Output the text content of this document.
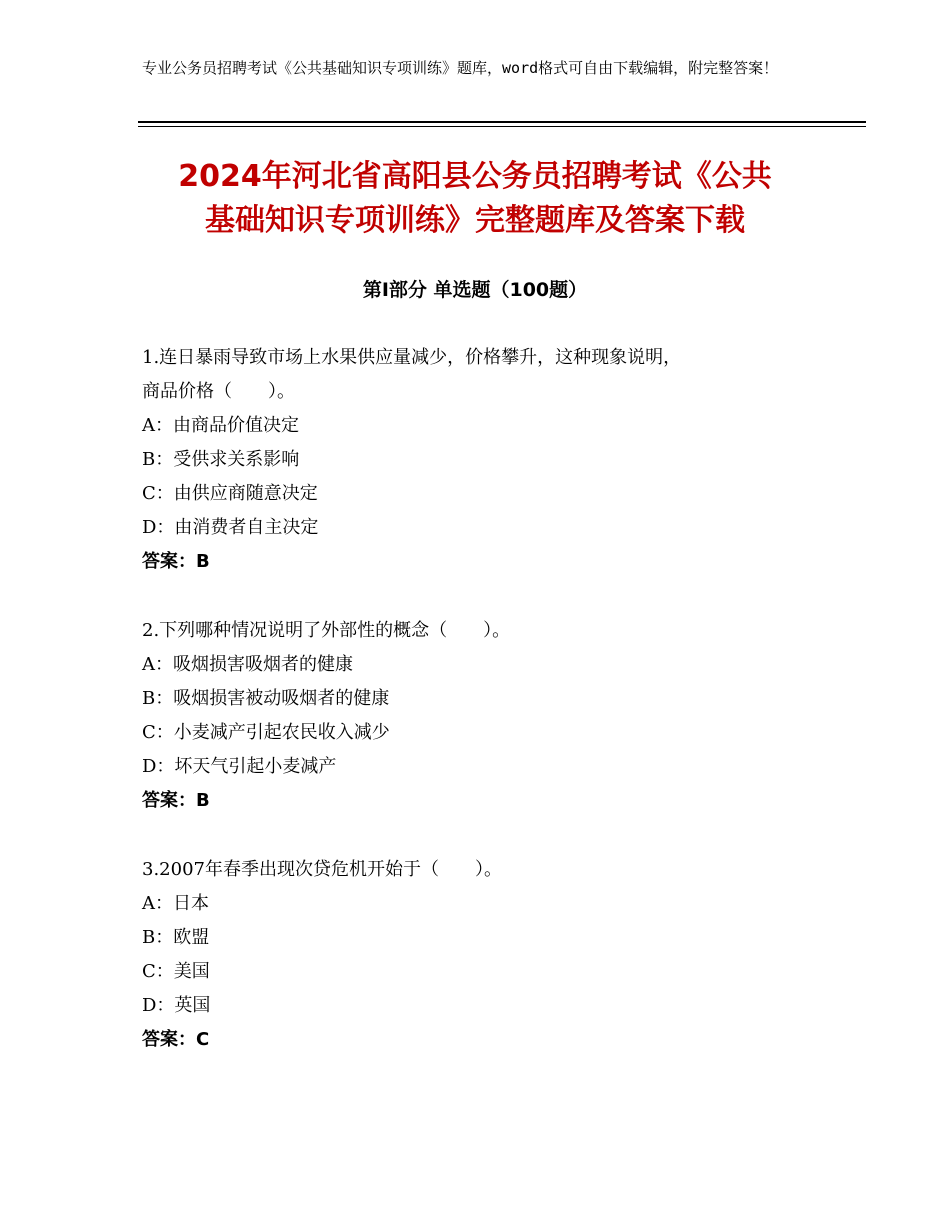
专业公务员招聘考试《公共基础知识专项训练》题库，word格式可自由下载编辑，附完整答案！
2024年河北省高阳县公务员招聘考试《公共
基础知识专项训练》完整题库及答案下载
第Ⅰ部分 单选题（100题）
1.连日暴雨导致市场上水果供应量减少，价格攀升，这种现象说明，
商品价格（　　）。
A：由商品价值决定
B：受供求关系影响
C：由供应商随意决定
D：由消费者自主决定
答案：B
2.下列哪种情况说明了外部性的概念（　　）。
A：吸烟损害吸烟者的健康
B：吸烟损害被动吸烟者的健康
C：小麦减产引起农民收入减少
D：坏天气引起小麦减产
答案：B
3.2007年春季出现次贷危机开始于（　　）。
A：日本
B：欧盟
C：美国
D：英国
答案：C
